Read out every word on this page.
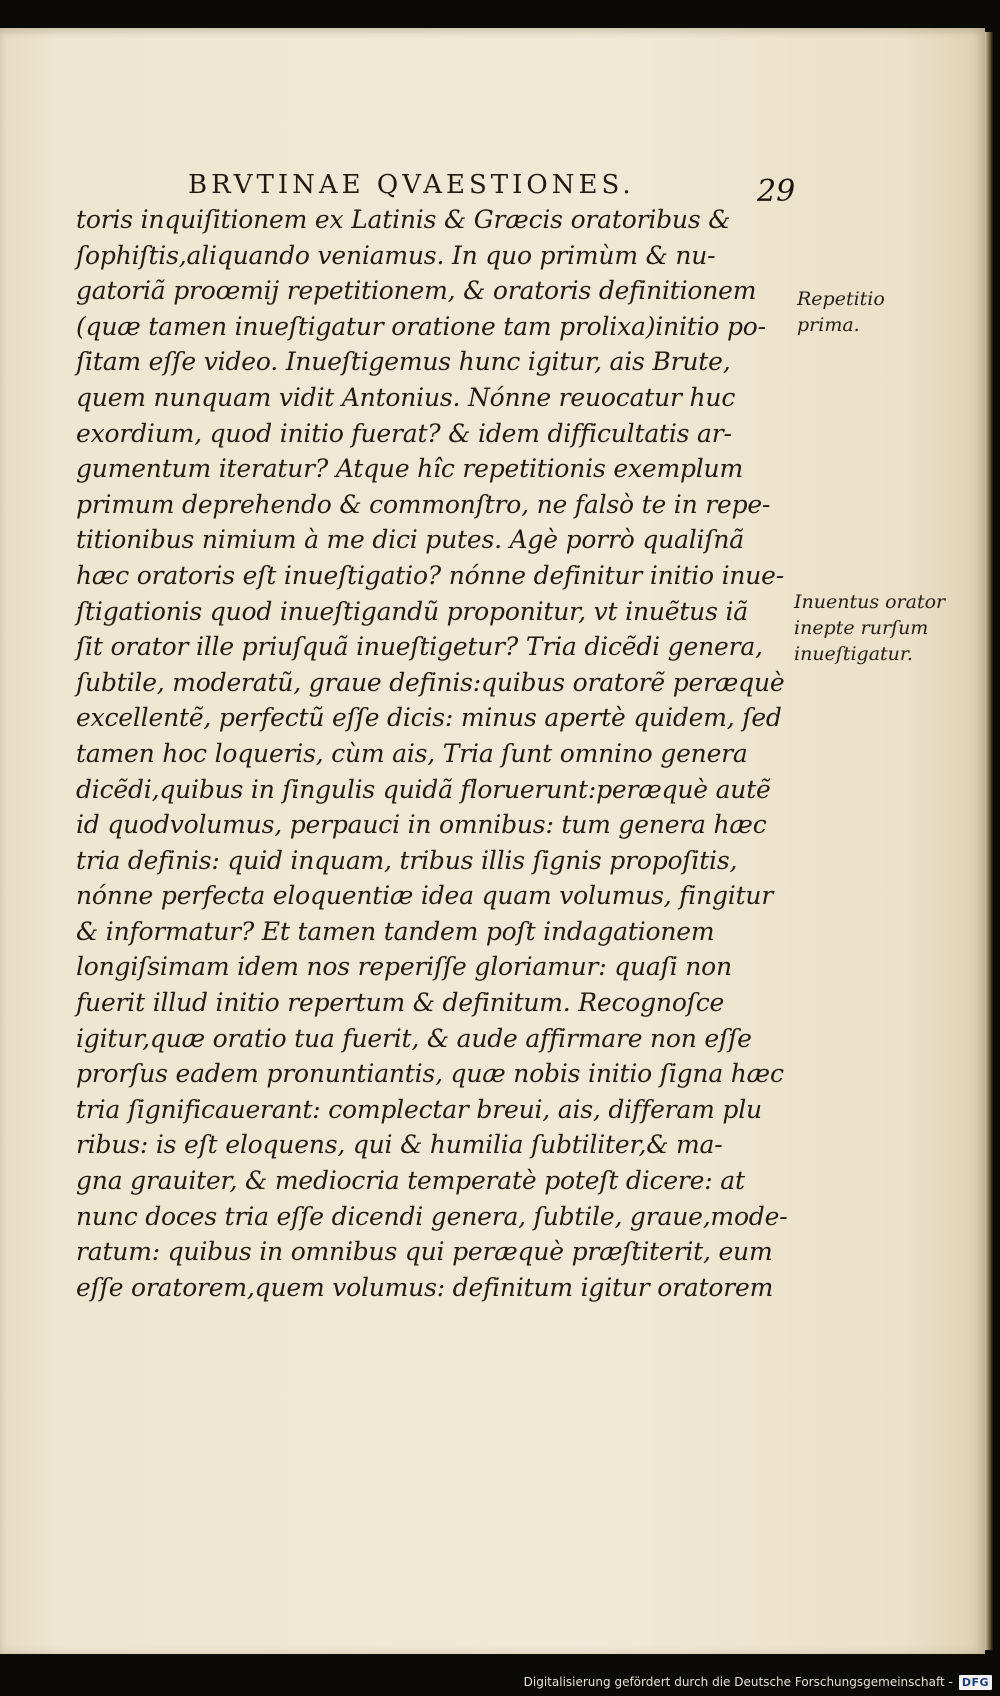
BRVTINAE QVAESTIONES.	29
toris inquiſitionem ex Latinis & Græcis oratoribus &
ſophiſtis,aliquando veniamus. In quo primùm & nu-
gatoriã proœmij repetitionem, & oratoris definitionem
(quæ tamen inueſtigatur oratione tam prolixa)initio po-
ſitam eſſe video. Inueſtigemus hunc igitur, ais Brute,
quem nunquam vidit Antonius. Nónne reuocatur huc
exordium, quod initio fuerat? & idem difficultatis ar-
gumentum iteratur? Atque hîc repetitionis exemplum
primum deprehendo & commonſtro, ne falsò te in repe-
titionibus nimium à me dici putes. Agè porrò qualiſnã
hæc oratoris eſt inueſtigatio? nónne definitur initio inue-
ſtigationis quod inueſtigandũ proponitur, vt inuẽtus iã
ſit orator ille priuſquã inueſtigetur? Tria dicẽdi genera,
ſubtile, moderatũ, graue definis:quibus oratorẽ peræquè
excellentẽ, perfectũ eſſe dicis: minus apertè quidem, ſed
tamen hoc loqueris, cùm ais, Tria ſunt omnino genera
dicẽdi,quibus in ſingulis quidã floruerunt:peræquè autẽ
id quodvolumus, perpauci in omnibus: tum genera hæc
tria definis: quid inquam, tribus illis ſignis propoſitis,
nónne perfecta eloquentiæ idea quam volumus, fingitur
& informatur? Et tamen tandem poſt indagationem
longiſsimam idem nos reperiſſe gloriamur: quaſi non
fuerit illud initio repertum & definitum. Recognoſce
igitur,quæ oratio tua fuerit, & aude affirmare non eſſe
prorſus eadem pronuntiantis, quæ nobis initio ſigna hæc
tria ſignificauerant: complectar breui, ais, differam plu
ribus: is eſt eloquens, qui & humilia ſubtiliter,& ma-
gna grauiter, & mediocria temperatè poteſt dicere: at
nunc doces tria eſſe dicendi genera, ſubtile, graue,mode-
ratum: quibus in omnibus qui peræquè præſtiterit, eum
eſſe oratorem,quem volumus: definitum igitur oratorem
Repetitio
prima.
Inuentus orator
inepte rurſum
inueſtigatur.
Digitalisierung gefördert durch die Deutsche Forschungsgemeinschaft - DFG
